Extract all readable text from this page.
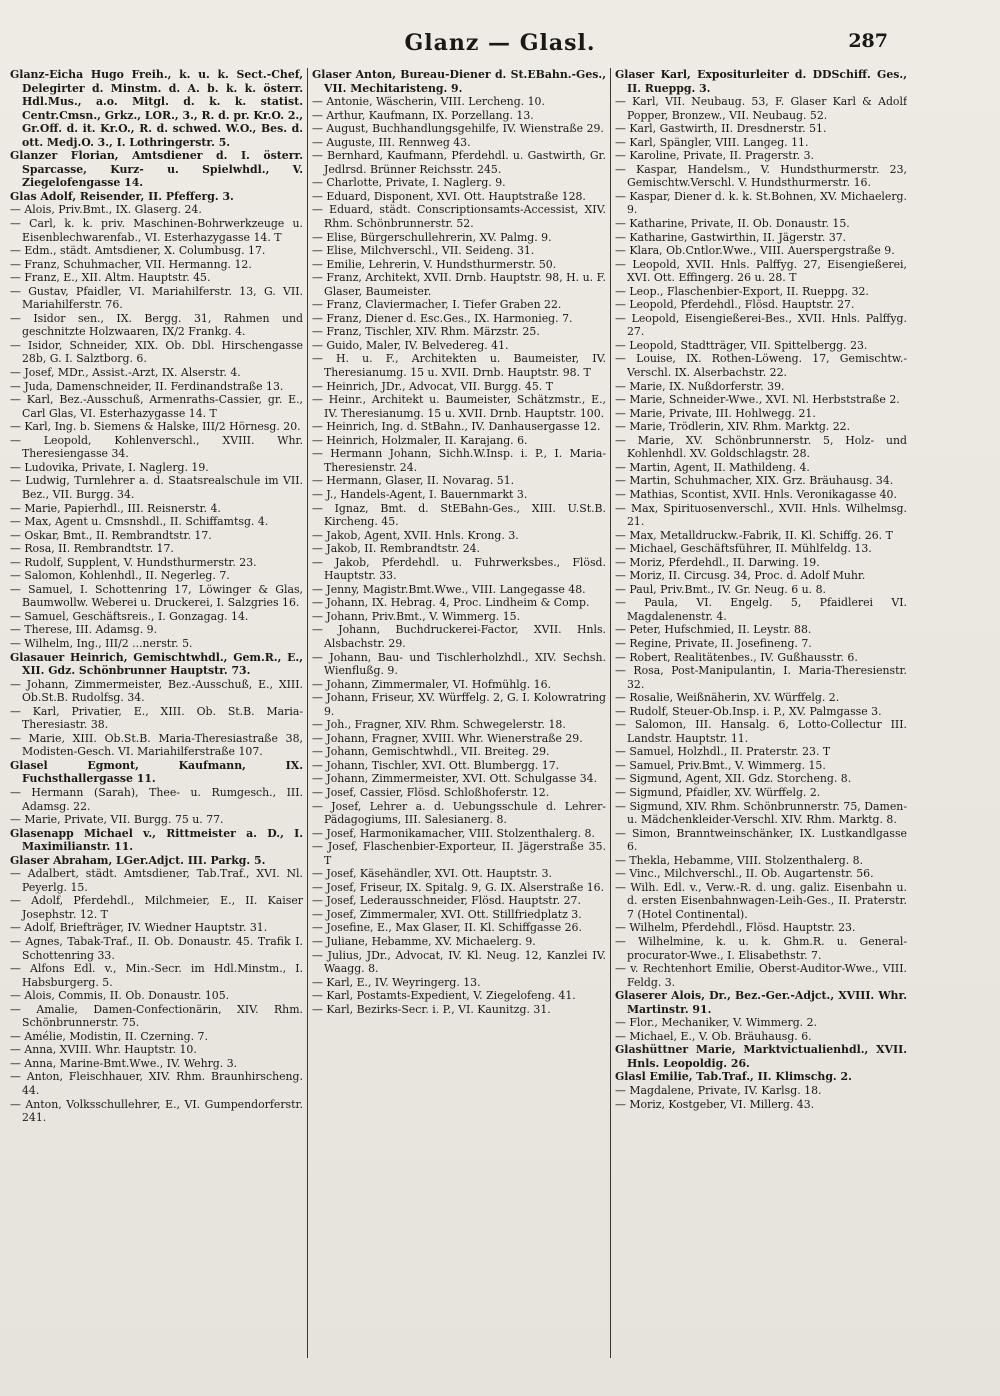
Glanz — Glasl.	287

Glanz-Eicha Hugo Freih., k. u. k. Sect.-Chef, Delegirter d. Minstm. d. A. b. k. k. österr. Hdl.Mus., a.o. Mitgl. d. k. k. statist. Centr.Cmsn., Grkz., LOR., 3., R. d. pr. Kr.O. 2., Gr.Off. d. it. Kr.O., R. d. schwed. W.O., Bes. d. ott. Medj.O. 3., I. Lothringerstr. 5.

Glanzer Florian, Amtsdiener d. I. österr. Sparcasse, Kurz- u. Spielwhdl., V. Ziegelofengasse 14.

Glas Adolf, Reisender, II. Pfefferg. 3.

— Alois, Priv.Bmt., IX. Glaserg. 24.

— Carl, k. k. priv. Maschinen-Bohrwerkzeuge u. Eisenblechwarenfab., VI. Esterhazygasse 14. T

— Edm., städt. Amtsdiener, X. Columbusg. 17.

— Franz, Schuhmacher, VII. Hermanng. 12.

— Franz, E., XII. Altm. Hauptstr. 45.

— Gustav, Pfaidler, VI. Mariahilferstr. 13, G. VII. Mariahilferstr. 76.

— Isidor sen., IX. Bergg. 31, Rahmen und geschnitzte Holzwaaren, IX/2 Frankg. 4.

— Isidor, Schneider, XIX. Ob. Dbl. Hirschengasse 28b, G. I. Salztborg. 6.

— Josef, MDr., Assist.-Arzt, IX. Alserstr. 4.

— Juda, Damenschneider, II. Ferdinandstraße 13.

— Karl, Bez.-Ausschuß, Armenraths-Cassier, gr. E., Carl Glas, VI. Esterhazygasse 14. T

— Karl, Ing. b. Siemens & Halske, III/2 Hörnesg. 20.

— Leopold, Kohlenverschl., XVIII. Whr. Theresiengasse 34.

— Ludovika, Private, I. Naglerg. 19.

— Ludwig, Turnlehrer a. d. Staatsrealschule im VII. Bez., VII. Burgg. 34.

— Marie, Papierhdl., III. Reisnerstr. 4.

— Max, Agent u. Cmsnshdl., II. Schiffamtsg. 4.

— Oskar, Bmt., II. Rembrandtstr. 17.

— Rosa, II. Rembrandtstr. 17.

— Rudolf, Supplent, V. Hundsthurmerstr. 23.

— Salomon, Kohlenhdl., II. Negerleg. 7.

— Samuel, I. Schottenring 17, Löwinger & Glas, Baumwollw. Weberei u. Druckerei, I. Salzgries 16.

— Samuel, Geschäftsreis., I. Gonzagag. 14.

— Therese, III. Adamsg. 9.

— Wilhelm, Ing., III/2 ...nerstr. 5.

Glasauer Heinrich, Gemischtwhdl., Gem.R., E., XII. Gdz. Schönbrunner Hauptstr. 73.

— Johann, Zimmermeister, Bez.-Ausschuß, E., XIII. Ob.St.B. Rudolfsg. 34.

— Karl, Privatier, E., XIII. Ob. St.B. Maria-Theresiastr. 38.

— Marie, XIII. Ob.St.B. Maria-Theresiastraße 38, Modisten-Gesch. VI. Mariahilferstraße 107.

Glasel Egmont, Kaufmann, IX. Fuchsthallergasse 11.

— Hermann (Sarah), Thee- u. Rumgesch., III. Adamsg. 22.

— Marie, Private, VII. Burgg. 75 u. 77.

Glasenapp Michael v., Rittmeister a. D., I. Maximilianstr. 11.

Glaser Abraham, LGer.Adjct. III. Parkg. 5.

— Adalbert, städt. Amtsdiener, Tab.Traf., XVI. Nl. Peyerlg. 15.

— Adolf, Pferdehdl., Milchmeier, E., II. Kaiser Josephstr. 12. T

— Adolf, Briefträger, IV. Wiedner Hauptstr. 31.

— Agnes, Tabak-Traf., II. Ob. Donaustr. 45. Trafik I. Schottenring 33.

— Alfons Edl. v., Min.-Secr. im Hdl.Minstm., I. Habsburgerg. 5.

— Alois, Commis, II. Ob. Donaustr. 105.

— Amalie, Damen-Confectionärin, XIV. Rhm. Schönbrunnerstr. 75.

— Amélie, Modistin, II. Czerning. 7.

— Anna, XVIII. Whr. Hauptstr. 10.

— Anna, Marine-Bmt.Wwe., IV. Wehrg. 3.

— Anton, Fleischhauer, XIV. Rhm. Braunhirscheng. 44.

— Anton, Volksschullehrer, E., VI. Gumpendorferstr. 241.

Glaser Anton, Bureau-Diener d. St.EBahn.-Ges., VII. Mechitaristeng. 9.

— Antonie, Wäscherin, VIII. Lercheng. 10.

— Arthur, Kaufmann, IX. Porzellang. 13.

— August, Buchhandlungsgehilfe, IV. Wienstraße 29.

— Auguste, III. Rennweg 43.

— Bernhard, Kaufmann, Pferdehdl. u. Gastwirth, Gr. Jedlrsd. Brünner Reichsstr. 245.

— Charlotte, Private, I. Naglerg. 9.

— Eduard, Disponent, XVI. Ott. Hauptstraße 128.

— Eduard, städt. Conscriptionsamts-Accessist, XIV. Rhm. Schönbrunnerstr. 52.

— Elise, Bürgerschullehrerin, XV. Palmg. 9.

— Elise, Milchverschl., VII. Seideng. 31.

— Emilie, Lehrerin, V. Hundsthurmerstr. 50.

— Franz, Architekt, XVII. Drnb. Hauptstr. 98, H. u. F. Glaser, Baumeister.

— Franz, Claviermacher, I. Tiefer Graben 22.

— Franz, Diener d. Esc.Ges., IX. Harmonieg. 7.

— Franz, Tischler, XIV. Rhm. Märzstr. 25.

— Guido, Maler, IV. Belvedereg. 41.

— H. u. F., Architekten u. Baumeister, IV. Theresianumg. 15 u. XVII. Drnb. Hauptstr. 98. T

— Heinrich, JDr., Advocat, VII. Burgg. 45. T

— Heinr., Architekt u. Baumeister, Schätzmstr., E., IV. Theresianumg. 15 u. XVII. Drnb. Hauptstr. 100.

— Heinrich, Ing. d. StBahn., IV. Danhausergasse 12.

— Heinrich, Holzmaler, II. Karajang. 6.

— Hermann Johann, Sichh.W.Insp. i. P., I. Maria-Theresienstr. 24.

— Hermann, Glaser, II. Novarag. 51.

— J., Handels-Agent, I. Bauernmarkt 3.

— Ignaz, Bmt. d. StEBahn-Ges., XIII. U.St.B. Kircheng. 45.

— Jakob, Agent, XVII. Hnls. Krong. 3.

— Jakob, II. Rembrandtstr. 24.

— Jakob, Pferdehdl. u. Fuhrwerksbes., Flösd. Hauptstr. 33.

— Jenny, Magistr.Bmt.Wwe., VIII. Langegasse 48.

— Johann, IX. Hebrag. 4, Proc. Lindheim & Comp.

— Johann, Priv.Bmt., V. Wimmerg. 15.

— Johann, Buchdruckerei-Factor, XVII. Hnls. Alsbachstr. 29.

— Johann, Bau- und Tischlerholzhdl., XIV. Sechsh. Wienflußg. 9.

— Johann, Zimmermaler, VI. Hofmühlg. 16.

— Johann, Friseur, XV. Würffelg. 2, G. I. Kolowratring 9.

— Joh., Fragner, XIV. Rhm. Schwegelerstr. 18.

— Johann, Fragner, XVIII. Whr. Wienerstraße 29.

— Johann, Gemischtwhdl., VII. Breiteg. 29.

— Johann, Tischler, XVI. Ott. Blumbergg. 17.

— Johann, Zimmermeister, XVI. Ott. Schulgasse 34.

— Josef, Cassier, Flösd. Schloßhoferstr. 12.

— Josef, Lehrer a. d. Uebungsschule d. Lehrer-Pädagogiums, III. Salesianerg. 8.

— Josef, Harmonikamacher, VIII. Stolzenthalerg. 8.

— Josef, Flaschenbier-Exporteur, II. Jägerstraße 35. T

— Josef, Käsehändler, XVI. Ott. Hauptstr. 3.

— Josef, Friseur, IX. Spitalg. 9, G. IX. Alserstraße 16.

— Josef, Lederausschneider, Flösd. Hauptstr. 27.

— Josef, Zimmermaler, XVI. Ott. Stillfriedplatz 3.

— Josefine, E., Max Glaser, II. Kl. Schiffgasse 26.

— Juliane, Hebamme, XV. Michaelerg. 9.

— Julius, JDr., Advocat, IV. Kl. Neug. 12, Kanzlei IV. Waagg. 8.

— Karl, E., IV. Weyringerg. 13.

— Karl, Postamts-Expedient, V. Ziegelofeng. 41.

— Karl, Bezirks-Secr. i. P., VI. Kaunitzg. 31.

Glaser Karl, Expositurleiter d. DDSchiff. Ges., II. Rueppg. 3.

— Karl, VII. Neubaug. 53, F. Glaser Karl & Adolf Popper, Bronzew., VII. Neubaug. 52.

— Karl, Gastwirth, II. Dresdnerstr. 51.

— Karl, Spängler, VIII. Langeg. 11.

— Karoline, Private, II. Pragerstr. 3.

— Kaspar, Handelsm., V. Hundsthurmerstr. 23, Gemischtw.Verschl. V. Hundsthurmerstr. 16.

— Kaspar, Diener d. k. k. St.Bohnen, XV. Michaelerg. 9.

— Katharine, Private, II. Ob. Donaustr. 15.

— Katharine, Gastwirthin, II. Jägerstr. 37.

— Klara, Ob.Cntlor.Wwe., VIII. Auerspergstraße 9.

— Leopold, XVII. Hnls. Palffyg. 27, Eisengießerei, XVI. Ott. Effingerg. 26 u. 28. T

— Leop., Flaschenbier-Export, II. Rueppg. 32.

— Leopold, Pferdehdl., Flösd. Hauptstr. 27.

— Leopold, Eisengießerei-Bes., XVII. Hnls. Palffyg. 27.

— Leopold, Stadtträger, VII. Spittelbergg. 23.

— Louise, IX. Rothen-Löweng. 17, Gemischtw.-Verschl. IX. Alserbachstr. 22.

— Marie, IX. Nußdorferstr. 39.

— Marie, Schneider-Wwe., XVI. Nl. Herbststraße 2.

— Marie, Private, III. Hohlwegg. 21.

— Marie, Trödlerin, XIV. Rhm. Marktg. 22.

— Marie, XV. Schönbrunnerstr. 5, Holz- und Kohlenhdl. XV. Goldschlagstr. 28.

— Martin, Agent, II. Mathildeng. 4.

— Martin, Schuhmacher, XIX. Grz. Bräuhausg. 34.

— Mathias, Scontist, XVII. Hnls. Veronikagasse 40.

— Max, Spirituosenverschl., XVII. Hnls. Wilhelmsg. 21.

— Max, Metalldruckw.-Fabrik, II. Kl. Schiffg. 26. T

— Michael, Geschäftsführer, II. Mühlfeldg. 13.

— Moriz, Pferdehdl., II. Darwing. 19.

— Moriz, II. Circusg. 34, Proc. d. Adolf Muhr.

— Paul, Priv.Bmt., IV. Gr. Neug. 6 u. 8.

— Paula, VI. Engelg. 5, Pfaidlerei VI. Magdalenenstr. 4.

— Peter, Hufschmied, II. Leystr. 88.

— Regine, Private, II. Josefineng. 7.

— Robert, Realitätenbes., IV. Gußhausstr. 6.

— Rosa, Post-Manipulantin, I. Maria-Theresienstr. 32.

— Rosalie, Weißnäherin, XV. Würffelg. 2.

— Rudolf, Steuer-Ob.Insp. i. P., XV. Palmgasse 3.

— Salomon, III. Hansalg. 6, Lotto-Collectur III. Landstr. Hauptstr. 11.

— Samuel, Holzhdl., II. Praterstr. 23. T

— Samuel, Priv.Bmt., V. Wimmerg. 15.

— Sigmund, Agent, XII. Gdz. Storcheng. 8.

— Sigmund, Pfaidler, XV. Würffelg. 2.

— Sigmund, XIV. Rhm. Schönbrunnerstr. 75, Damen- u. Mädchenkleider-Verschl. XIV. Rhm. Marktg. 8.

— Simon, Branntweinschänker, IX. Lustkandlgasse 6.

— Thekla, Hebamme, VIII. Stolzenthalerg. 8.

— Vinc., Milchverschl., II. Ob. Augartenstr. 56.

— Wilh. Edl. v., Verw.-R. d. ung. galiz. Eisenbahn u. d. ersten Eisenbahnwagen-Leih-Ges., II. Praterstr. 7 (Hotel Continental).

— Wilhelm, Pferdehdl., Flösd. Hauptstr. 23.

— Wilhelmine, k. u. k. Ghm.R. u. General-procurator-Wwe., I. Elisabethstr. 7.

— v. Rechtenhort Emilie, Oberst-Auditor-Wwe., VIII. Feldg. 3.

Glaserer Alois, Dr., Bez.-Ger.-Adjct., XVIII. Whr. Martinstr. 91.

— Flor., Mechaniker, V. Wimmerg. 2.

— Michael, E., V. Ob. Bräuhausg. 6.

Glashüttner Marie, Marktvictualienhdl., XVII. Hnls. Leopoldig. 26.

Glasl Emilie, Tab.Traf., II. Klimschg. 2.

— Magdalene, Private, IV. Karlsg. 18.

— Moriz, Kostgeber, VI. Millerg. 43.
